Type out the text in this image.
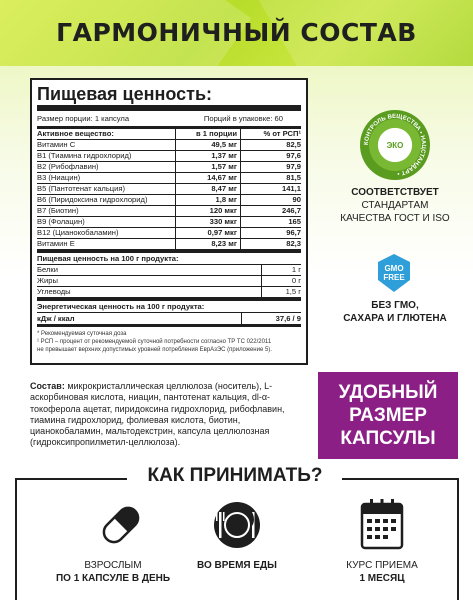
ГАРМОНИЧНЫЙ СОСТАВ
Пищевая ценность:
Размер порции: 1 капсула	Порций в упаковке: 60
Активное вещество:	в 1 порции	% от РСП¹
Витамин С	49,5 мг	82,5
В1 (Тиамина гидрохлорид)	1,37 мг	97,6
В2 (Рибофлавин)	1,57 мг	97,9
В3 (Ниацин)	14,67 мг	81,5
В5 (Пантотенат кальция)	8,47 мг	141,1
В6 (Пиридоксина гидрохлорид)	1,8 мг	90
В7 (Биотин)	120 мкг	246,7
В9 (Фолацин)	330 мкг	165
В12 (Цианокобаламин)	0,97 мкг	96,7
Витамин Е	8,23 мг	82,3
Пищевая ценность на 100 г продукта:
Белки	1 г
Жиры	0 г
Углеводы	1,5 г
Энергетическая ценность на 100 г продукта:
кДж / ккал	37,6 / 9
* Рекомендуемая суточная доза
¹ РСП – процент от рекомендуемой суточной потребности согласно ТР ТС 022/2011
не превышает верхних допустимых уровней потребления ЕврАзЭС (приложение 5).
КОНТРОЛЬ ВЕЩЕСТВА • НАЦСТАНДАРТ •
ЭКО
СООТВЕТСТВУЕТ
СТАНДАРТАМ
КАЧЕСТВА ГОСТ И ISO
GMO
FREE
БЕЗ ГМО,
САХАРА И ГЛЮТЕНА
Состав: микрокристаллическая целлюлоза (носитель), L-аскорбиновая кислота, ниацин, пантотенат кальция, dl-α-токоферола ацетат, пиридоксина гидрохлорид, рибофлавин, тиамина гидрохлорид, фолиевая кислота, биотин, цианокобаламин, мальтодекстрин, капсула целлюлозная (гидроксипропилметил-целлюлоза).
УДОБНЫЙ
РАЗМЕР
КАПСУЛЫ
КАК ПРИНИМАТЬ?
ВЗРОСЛЫМ
ПО 1 КАПСУЛЕ В ДЕНЬ
ВО ВРЕМЯ ЕДЫ	КУРС ПРИЕМА
1 МЕСЯЦ
